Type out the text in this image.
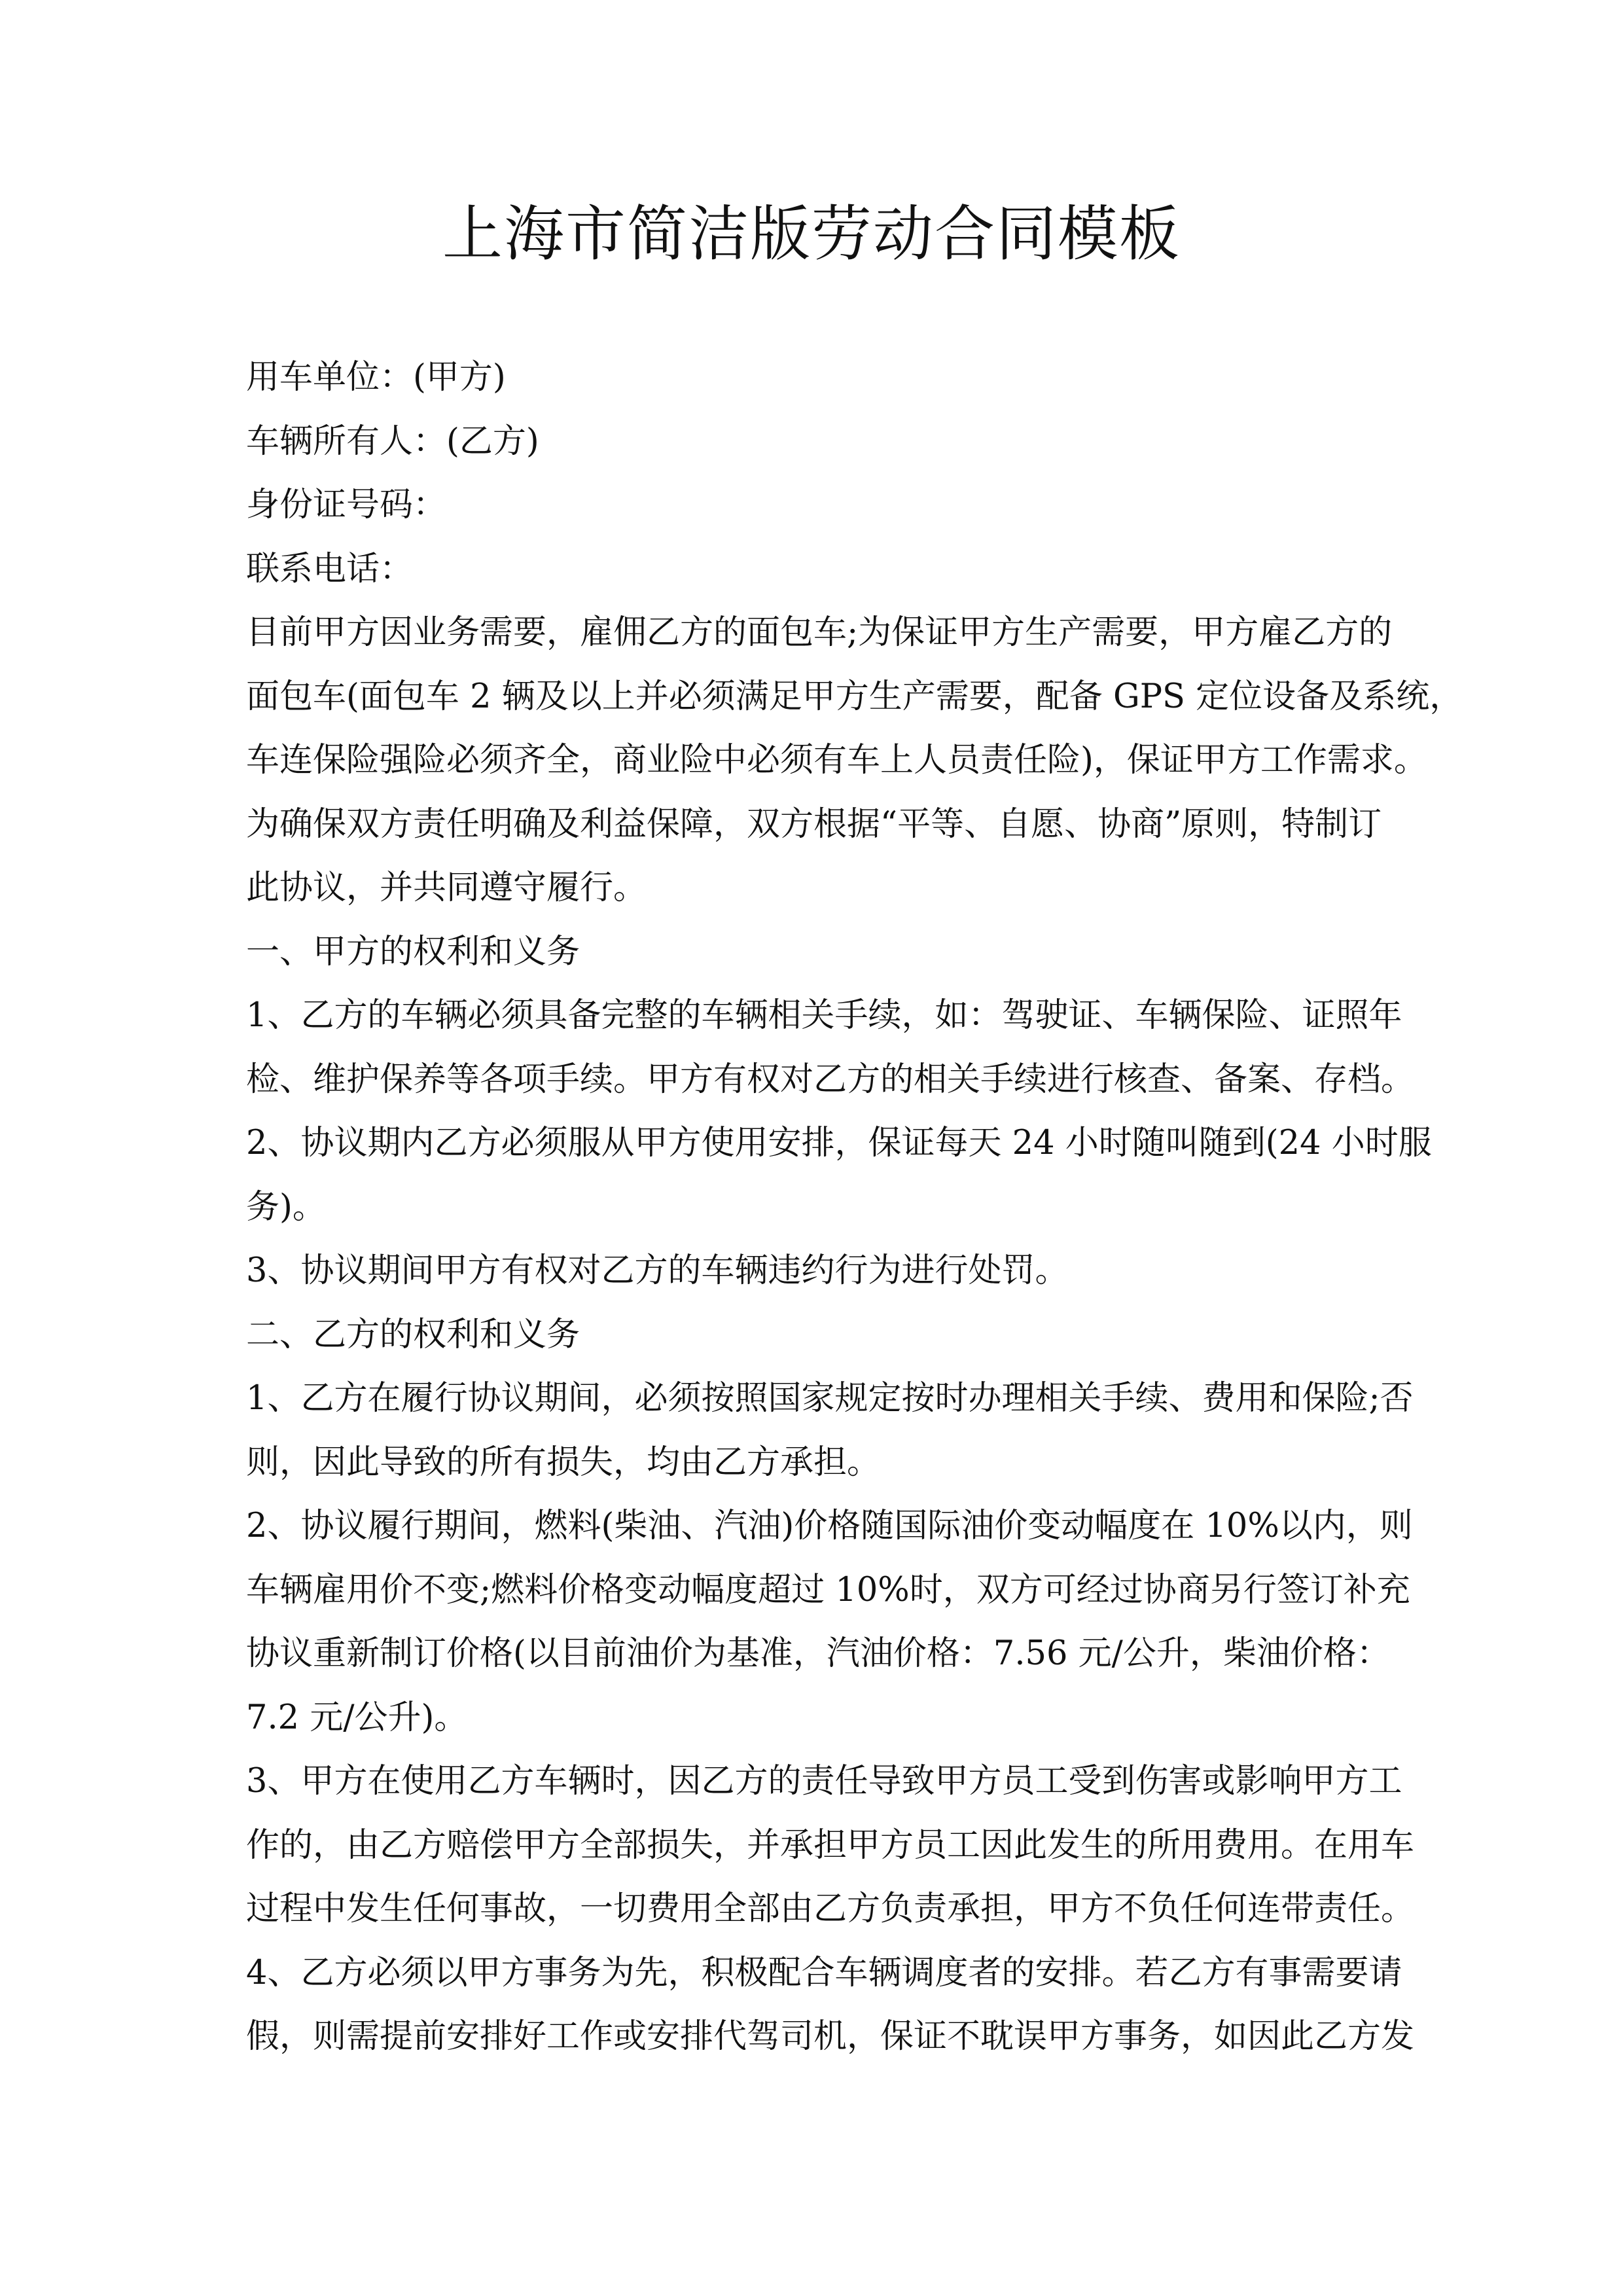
上海市简洁版劳动合同模板
用车单位：(甲方)
车辆所有人：(乙方)
身份证号码：
联系电话：
目前甲方因业务需要，雇佣乙方的面包车;为保证甲方生产需要，甲方雇乙方的
面包车(面包车 2 辆及以上并必须满足甲方生产需要，配备 GPS 定位设备及系统，
车连保险强险必须齐全，商业险中必须有车上人员责任险)，保证甲方工作需求。
为确保双方责任明确及利益保障，双方根据“平等、自愿、协商”原则，特制订
此协议，并共同遵守履行。
一、甲方的权利和义务
1、乙方的车辆必须具备完整的车辆相关手续，如：驾驶证、车辆保险、证照年
检、维护保养等各项手续。甲方有权对乙方的相关手续进行核查、备案、存档。
2、协议期内乙方必须服从甲方使用安排，保证每天 24 小时随叫随到(24 小时服
务)。
3、协议期间甲方有权对乙方的车辆违约行为进行处罚。
二、乙方的权利和义务
1、乙方在履行协议期间，必须按照国家规定按时办理相关手续、费用和保险;否
则，因此导致的所有损失，均由乙方承担。
2、协议履行期间，燃料(柴油、汽油)价格随国际油价变动幅度在 10%以内，则
车辆雇用价不变;燃料价格变动幅度超过 10%时，双方可经过协商另行签订补充
协议重新制订价格(以目前油价为基准，汽油价格：7.56 元/公升，柴油价格：
7.2 元/公升)。
3、甲方在使用乙方车辆时，因乙方的责任导致甲方员工受到伤害或影响甲方工
作的，由乙方赔偿甲方全部损失，并承担甲方员工因此发生的所用费用。在用车
过程中发生任何事故，一切费用全部由乙方负责承担，甲方不负任何连带责任。
4、乙方必须以甲方事务为先，积极配合车辆调度者的安排。若乙方有事需要请
假，则需提前安排好工作或安排代驾司机，保证不耽误甲方事务，如因此乙方发
